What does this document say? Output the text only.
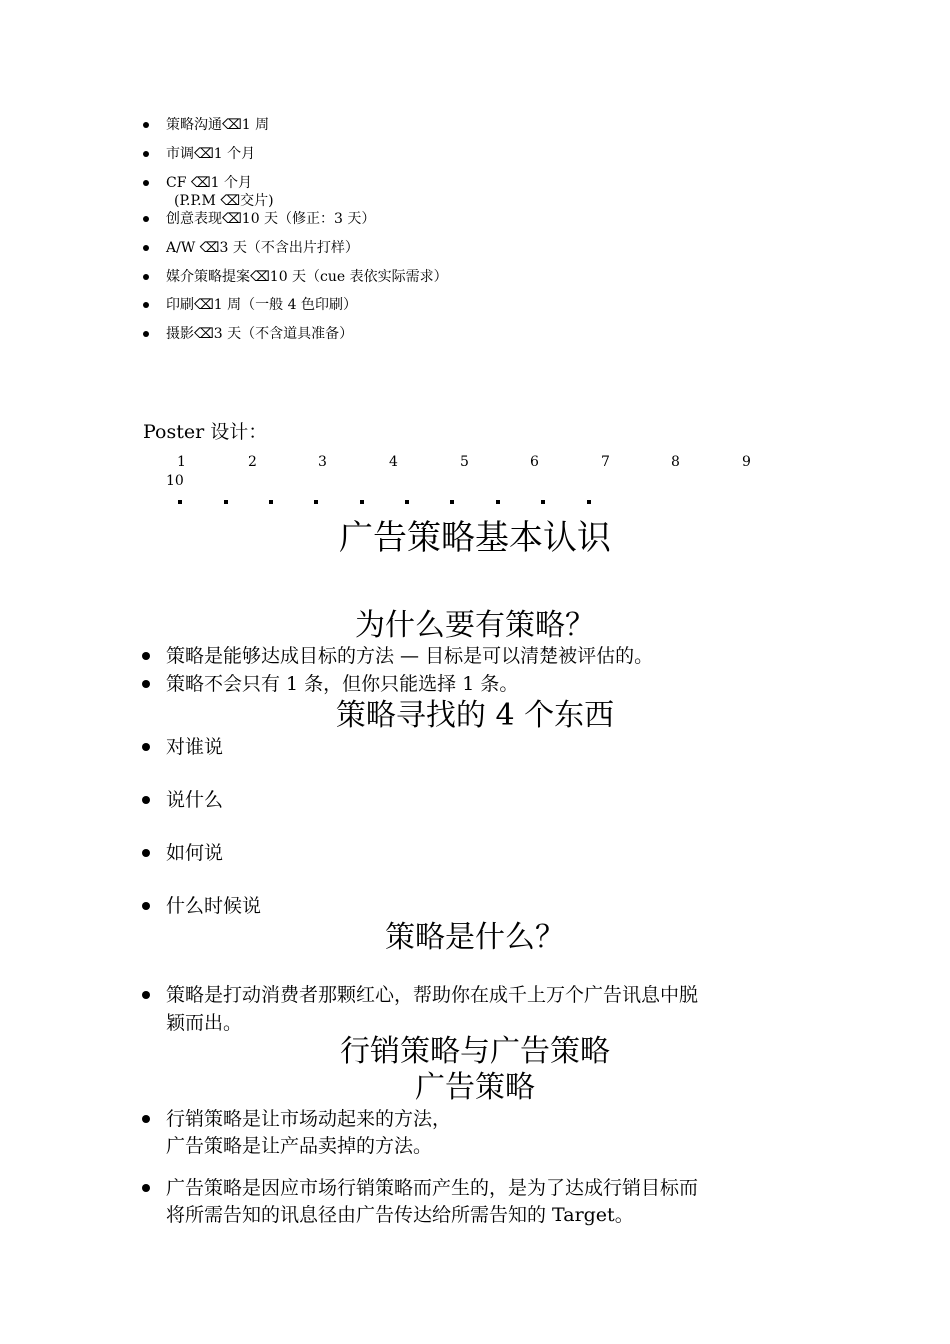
策略沟通⌫1 周
市调⌫1 个月
CF ⌫1 个月
(P.P.M ⌫交片)
创意表现⌫10 天（修正：3 天）
A/W ⌫3 天（不含出片打样）
媒介策略提案⌫10 天（cue 表依实际需求）
印刷⌫1 周（一般 4 色印刷）
摄影⌫3 天（不含道具准备）
Poster 设计：
1	2	3	4	5	6	7	8	9
10
广告策略基本认识
为什么要有策略？
策略是能够达成目标的方法 — 目标是可以清楚被评估的。
策略不会只有 1 条，但你只能选择 1 条。
策略寻找的 4 个东西
对谁说
说什么
如何说
什么时候说
策略是什么？
策略是打动消费者那颗红心，帮助你在成千上万个广告讯息中脱
颖而出。
行销策略与广告策略
广告策略
行销策略是让市场动起来的方法，
广告策略是让产品卖掉的方法。
广告策略是因应市场行销策略而产生的，是为了达成行销目标而
将所需告知的讯息径由广告传达给所需告知的 Target。
